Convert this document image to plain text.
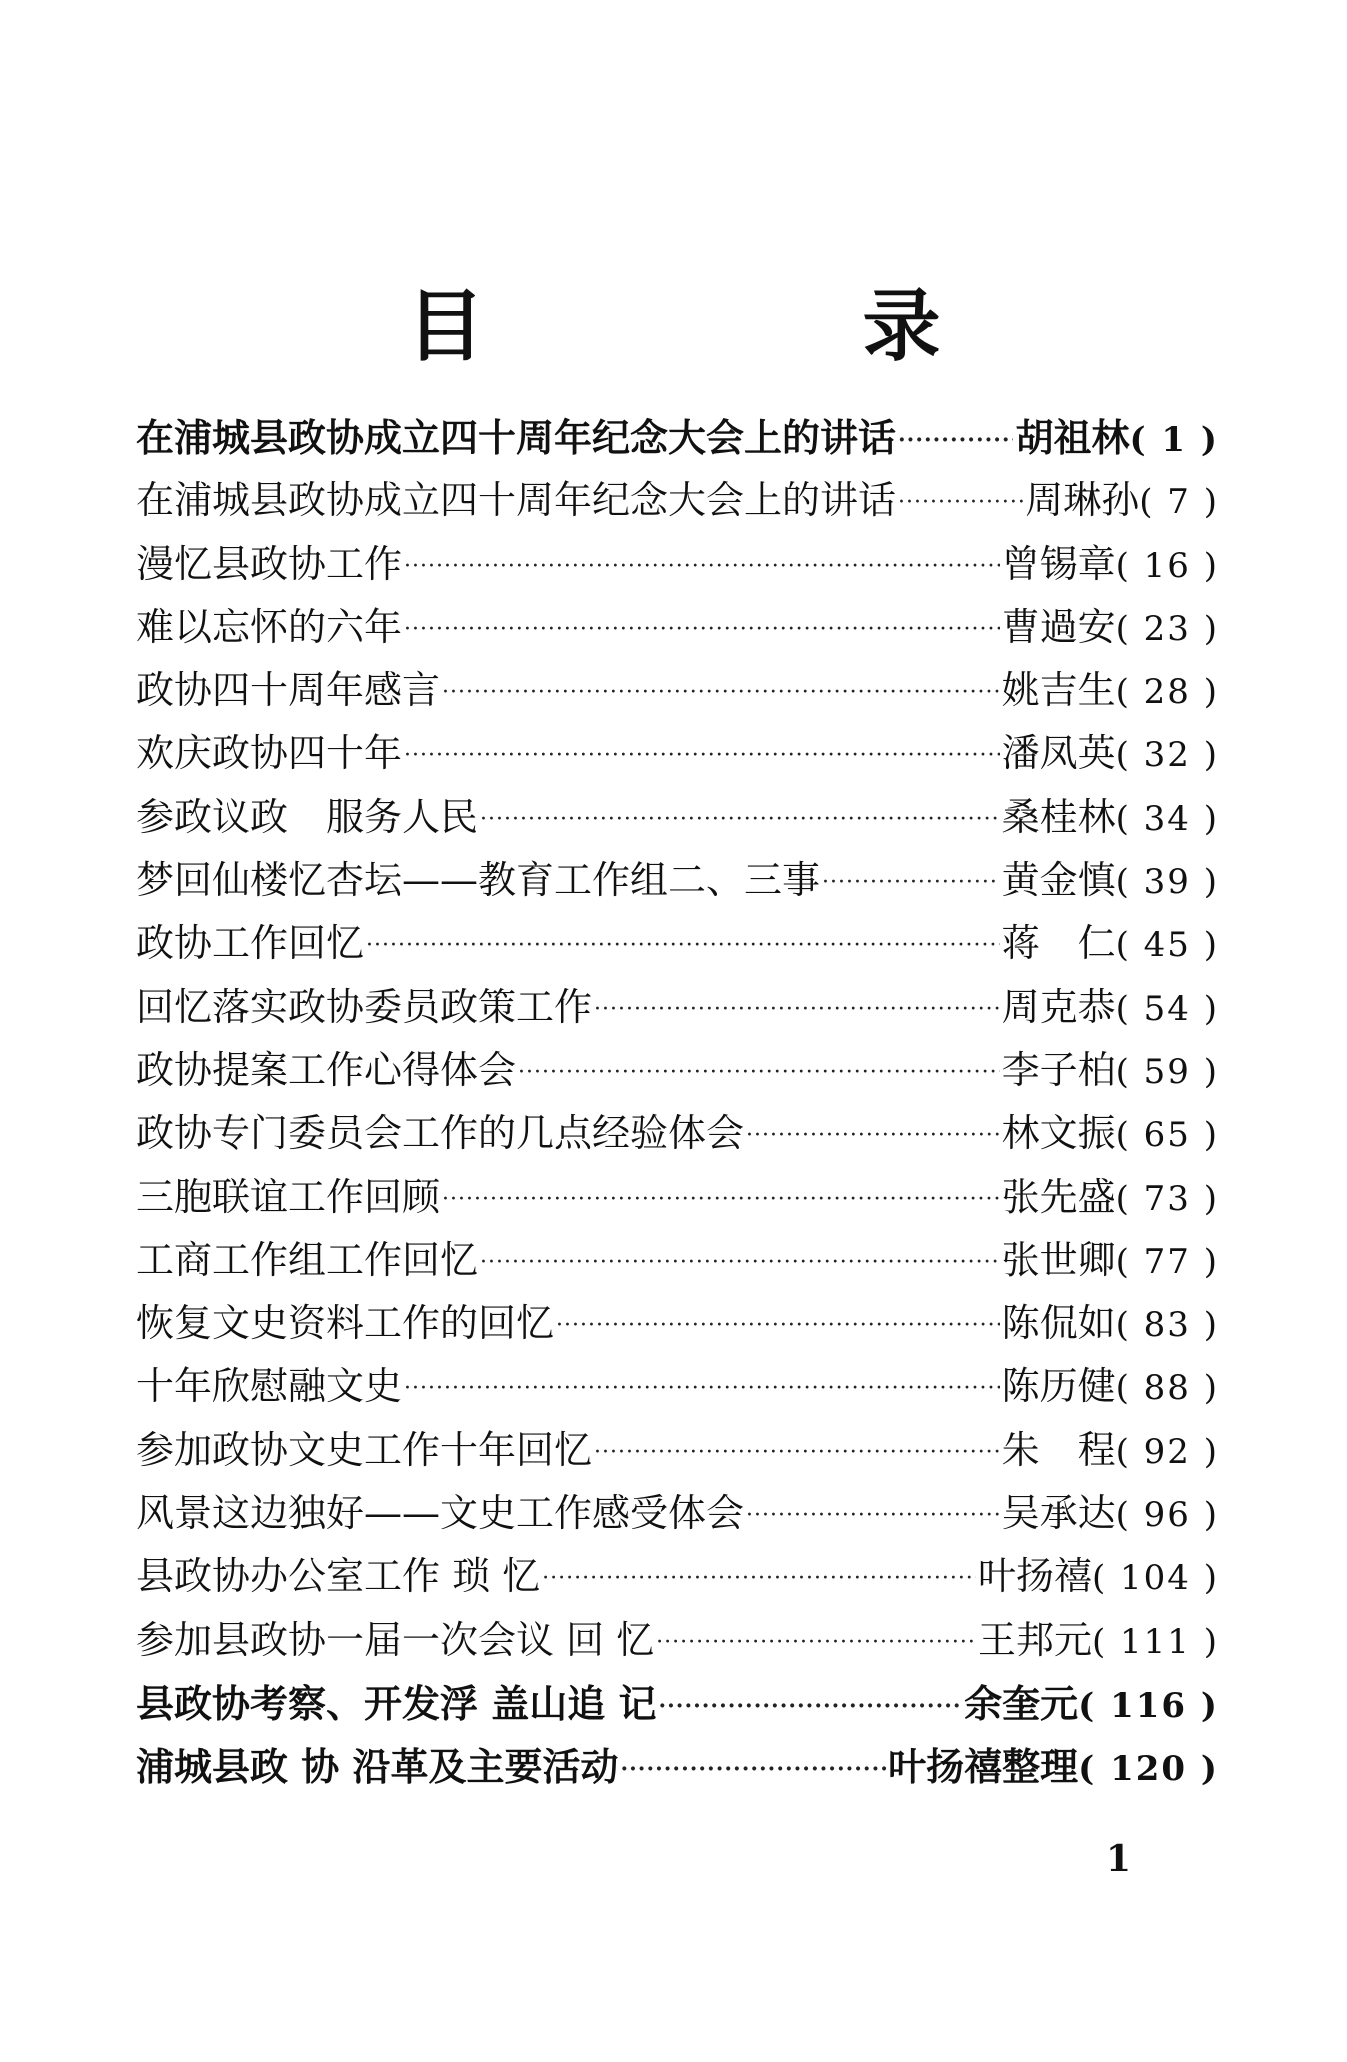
目　录
在浦城县政协成立四十周年纪念大会上的讲话 ·····	胡祖林 ( 1 )
在浦城县政协成立四十周年纪念大会上的讲话 ·····	周琳孙 ( 7 )
漫忆县政协工作 ·····	曾锡章 ( 16 )
难以忘怀的六年 ·····	曹過安 ( 23 )
政协四十周年感言 ·····	姚吉生 ( 28 )
欢庆政协四十年 ·····	潘凤英 ( 32 )
参政议政　服务人民 ·····	桑桂林 ( 34 )
梦回仙楼忆杏坛——教育工作组二、三事 ·····	黄金慎 ( 39 )
政协工作回忆 ·····	蒋　仁 ( 45 )
回忆落实政协委员政策工作 ·····	周克恭 ( 54 )
政协提案工作心得体会 ·····	李子柏 ( 59 )
政协专门委员会工作的几点经验体会 ·····	林文振 ( 65 )
三胞联谊工作回顾 ·····	张先盛 ( 73 )
工商工作组工作回忆 ·····	张世卿 ( 77 )
恢复文史资料工作的回忆 ·····	陈侃如 ( 83 )
十年欣慰融文史 ·····	陈历健 ( 88 )
参加政协文史工作十年回忆 ·····	朱　程 ( 92 )
风景这边独好——文史工作感受体会 ·····	吴承达 ( 96 )
县政协办公室工作 琐 忆 ·····	叶扬禧 ( 104 )
参加县政协一届一次会议 回 忆 ·····	王邦元 ( 111 )
县政协考察、开发浮 盖山追 记 ·····	余奎元 ( 116 )
浦城县政 协 沿革及主要活动 ·····	叶扬禧整理 ( 120 )
1
